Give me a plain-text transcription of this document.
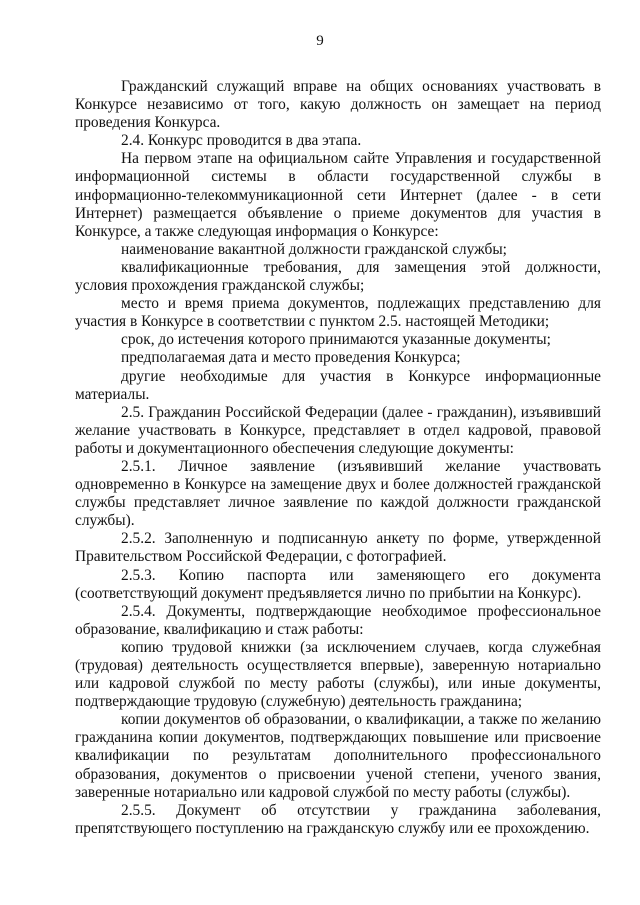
9

Гражданский служащий вправе на общих основаниях участвовать в Конкурсе независимо от того, какую должность он замещает на период проведения Конкурса.

2.4. Конкурс проводится в два этапа.

На первом этапе на официальном сайте Управления и государственной информационной системы в области государственной службы в информационно-телекоммуникационной сети Интернет (далее - в сети Интернет) размещается объявление о приеме документов для участия в Конкурсе, а также следующая информация о Конкурсе:

наименование вакантной должности гражданской службы;

квалификационные требования, для замещения этой должности, условия прохождения гражданской службы;

место и время приема документов, подлежащих представлению для участия в Конкурсе в соответствии с пунктом 2.5. настоящей Методики;

срок, до истечения которого принимаются указанные документы;

предполагаемая дата и место проведения Конкурса;

другие необходимые для участия в Конкурсе информационные материалы.

2.5. Гражданин Российской Федерации (далее - гражданин), изъявивший желание участвовать в Конкурсе, представляет в отдел кадровой, правовой работы и документационного обеспечения следующие документы:

2.5.1. Личное заявление (изъявивший желание участвовать одновременно в Конкурсе на замещение двух и более должностей гражданской службы представляет личное заявление по каждой должности гражданской службы).

2.5.2. Заполненную и подписанную анкету по форме, утвержденной Правительством Российской Федерации, с фотографией.

2.5.3. Копию паспорта или заменяющего его документа (соответствующий документ предъявляется лично по прибытии на Конкурс).

2.5.4. Документы, подтверждающие необходимое профессиональное образование, квалификацию и стаж работы:

копию трудовой книжки (за исключением случаев, когда служебная (трудовая) деятельность осуществляется впервые), заверенную нотариально или кадровой службой по месту работы (службы), или иные документы, подтверждающие трудовую (служебную) деятельность гражданина;

копии документов об образовании, о квалификации, а также по желанию гражданина копии документов, подтверждающих повышение или присвоение квалификации по результатам дополнительного профессионального образования, документов о присвоении ученой степени, ученого звания, заверенные нотариально или кадровой службой по месту работы (службы).

2.5.5. Документ об отсутствии у гражданина заболевания, препятствующего поступлению на гражданскую службу или ее прохождению.
